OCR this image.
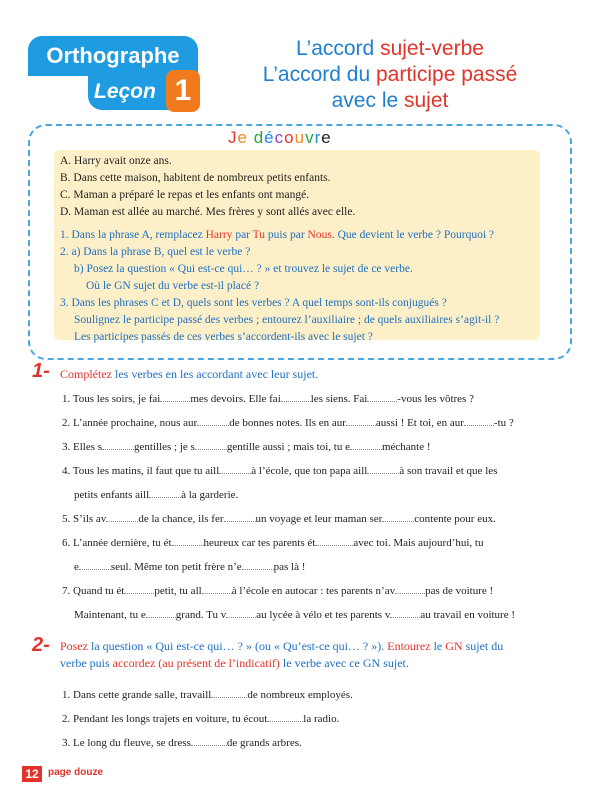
Orthographe
Leçon 1
L’accord sujet-verbe
L’accord du participe passé
avec le sujet
Je découvre

A. Harry avait onze ans.

B. Dans cette maison, habitent de nombreux petits enfants.

C. Maman a préparé le repas et les enfants ont mangé.

D. Maman est allée au marché. Mes frères y sont allés avec elle.

1. Dans la phrase A, remplacez Harry par Tu puis par Nous. Que devient le verbe ? Pourquoi ?

2. a) Dans la phrase B, quel est le verbe ?

b) Posez la question « Qui est-ce qui… ? » et trouvez le sujet de ce verbe.

Où le GN sujet du verbe est-il placé ?

3. Dans les phrases C et D, quels sont les verbes ? A quel temps sont-ils conjugués ?

Soulignez le participe passé des verbes ; entourez l’auxiliaire ; de quels auxiliaires s’agit-il ?

Les participes passés de ces verbes s’accordent-ils avec le sujet ?

1- Complétez les verbes en les accordant avec leur sujet.
1. Tous les soirs, je fai	mes devoirs. Elle fai	les siens. Fai	-vous les vôtres ?
2. L’année prochaine, nous aur	de bonnes notes. Ils en aur	aussi ! Et toi, en aur	-tu ?
3. Elles s	gentilles ; je s	gentille aussi ; mais toi, tu e	méchante !
4. Tous les matins, il faut que tu aill	à l’école, que ton papa aill	à son travail et que les
petits enfants aill	à la garderie.
5. S’ils av	de la chance, ils fer	un voyage et leur maman ser	contente pour eux.
6. L’année dernière, tu ét	heureux car tes parents ét	avec toi. Mais aujourd’hui, tu
e	seul. Même ton petit frère n’e	pas là !
7. Quand tu ét	petit, tu all	à l’école en autocar : tes parents n’av	pas de voiture !
Maintenant, tu e	grand. Tu v	au lycée à vélo et tes parents v	au travail en voiture !
2- Posez la question « Qui est-ce qui… ? » (ou « Qu’est-ce qui… ? »). Entourez le GN sujet du
verbe puis accordez (au présent de l’indicatif) le verbe avec ce GN sujet.
1. Dans cette grande salle, travaill	de nombreux employés.
2. Pendant les longs trajets en voiture, tu écout	la radio.
3. Le long du fleuve, se dress	de grands arbres.
12 page douze
